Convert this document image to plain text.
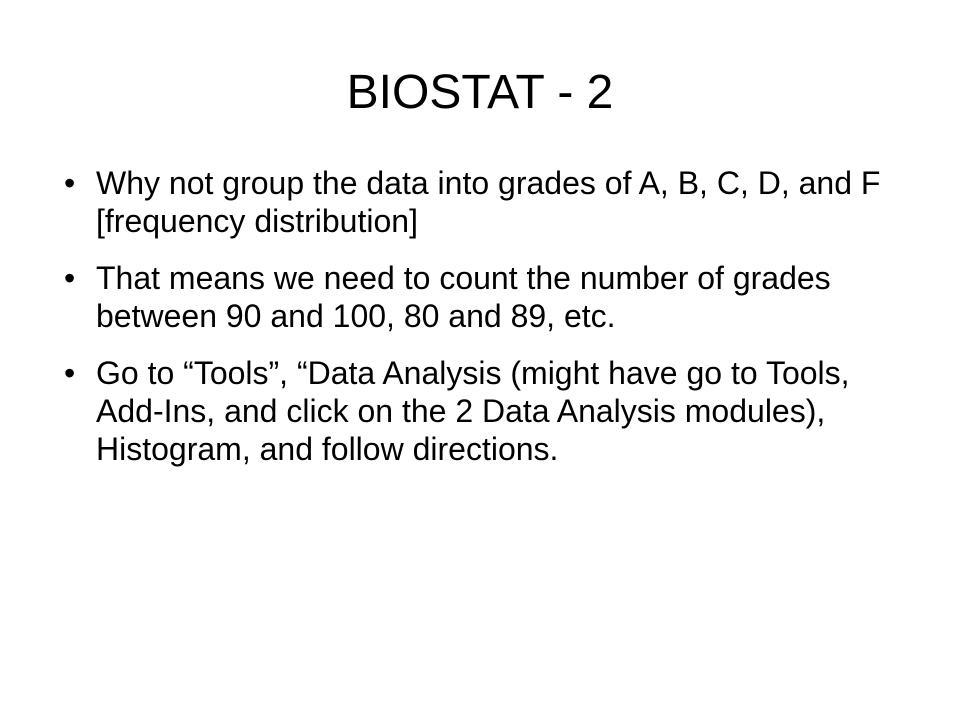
BIOSTAT - 2
• Why not group the data into grades of A, B, C, D, and F [frequency distribution]
• That means we need to count the number of grades between 90 and 100, 80 and 89, etc.
• Go to “Tools”, “Data Analysis (might have go to Tools, Add-Ins, and click on the 2 Data Analysis modules), Histogram, and follow directions.
